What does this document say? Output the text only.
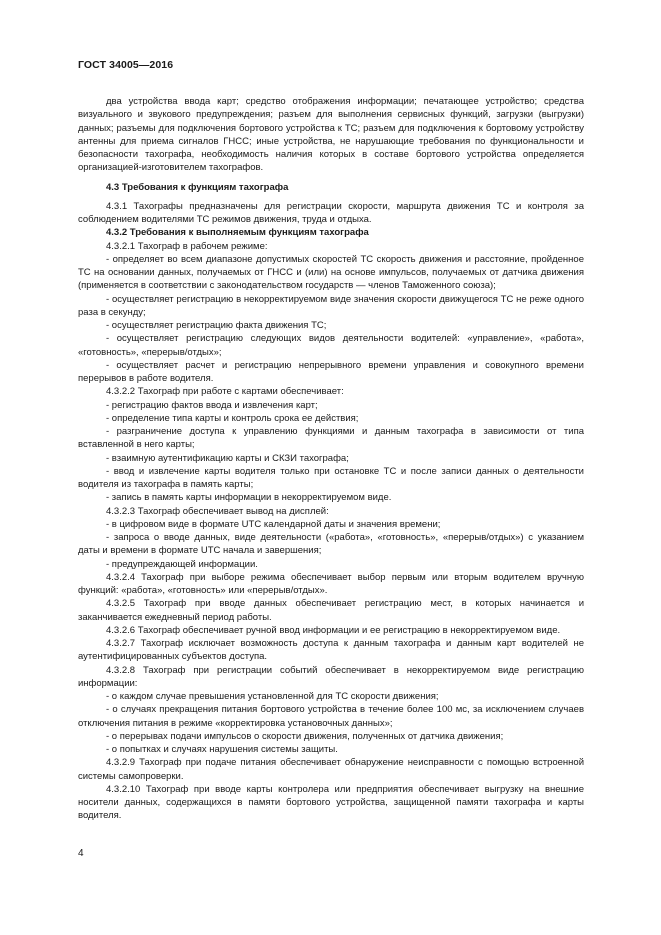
ГОСТ 34005—2016

два устройства ввода карт; средство отображения информации; печатающее устройство; средства визуального и звукового предупреждения; разъем для выполнения сервисных функций, загрузки (выгрузки) данных; разъемы для подключения бортового устройства к ТС; разъем для подключения к бортовому устройству антенны для приема сигналов ГНСС; иные устройства, не нарушающие требования по функциональности и безопасности тахографа, необходимость наличия которых в составе бортового устройства определяется организацией-изготовителем тахографов.

4.3 Требования к функциям тахографа

4.3.1 Тахографы предназначены для регистрации скорости, маршрута движения ТС и контроля за соблюдением водителями ТС режимов движения, труда и отдыха.

4.3.2 Требования к выполняемым функциям тахографа

4.3.2.1 Тахограф в рабочем режиме:

- определяет во всем диапазоне допустимых скоростей ТС скорость движения и расстояние, пройденное ТС на основании данных, получаемых от ГНСС и (или) на основе импульсов, получаемых от датчика движения (применяется в соответствии с законодательством государств — членов Таможенного союза);

- осуществляет регистрацию в некорректируемом виде значения скорости движущегося ТС не реже одного раза в секунду;

- осуществляет регистрацию факта движения ТС;

- осуществляет регистрацию следующих видов деятельности водителей: «управление», «работа», «готовность», «перерыв/отдых»;

- осуществляет расчет и регистрацию непрерывного времени управления и совокупного времени перерывов в работе водителя.

4.3.2.2 Тахограф при работе с картами обеспечивает:

- регистрацию фактов ввода и извлечения карт;

- определение типа карты и контроль срока ее действия;

- разграничение доступа к управлению функциями и данным тахографа в зависимости от типа вставленной в него карты;

- взаимную аутентификацию карты и СКЗИ тахографа;

- ввод и извлечение карты водителя только при остановке ТС и после записи данных о деятельности водителя из тахографа в память карты;

- запись в память карты информации в некорректируемом виде.

4.3.2.3 Тахограф обеспечивает вывод на дисплей:

- в цифровом виде в формате UTC календарной даты и значения времени;

- запроса о вводе данных, виде деятельности («работа», «готовность», «перерыв/отдых») с указанием даты и времени в формате UTC начала и завершения;

- предупреждающей информации.

4.3.2.4 Тахограф при выборе режима обеспечивает выбор первым или вторым водителем вручную функций: «работа», «готовность» или «перерыв/отдых».

4.3.2.5 Тахограф при вводе данных обеспечивает регистрацию мест, в которых начинается и заканчивается ежедневный период работы.

4.3.2.6 Тахограф обеспечивает ручной ввод информации и ее регистрацию в некорректируемом виде.

4.3.2.7 Тахограф исключает возможность доступа к данным тахографа и данным карт водителей не аутентифицированных субъектов доступа.

4.3.2.8 Тахограф при регистрации событий обеспечивает в некорректируемом виде регистрацию информации:

- о каждом случае превышения установленной для ТС скорости движения;

- о случаях прекращения питания бортового устройства в течение более 100 мс, за исключением случаев отключения питания в режиме «корректировка установочных данных»;

- о перерывах подачи импульсов о скорости движения, полученных от датчика движения;

- о попытках и случаях нарушения системы защиты.

4.3.2.9 Тахограф при подаче питания обеспечивает обнаружение неисправности с помощью встроенной системы самопроверки.

4.3.2.10 Тахограф при вводе карты контролера или предприятия обеспечивает выгрузку на внешние носители данных, содержащихся в памяти бортового устройства, защищенной памяти тахографа и карты водителя.

4
